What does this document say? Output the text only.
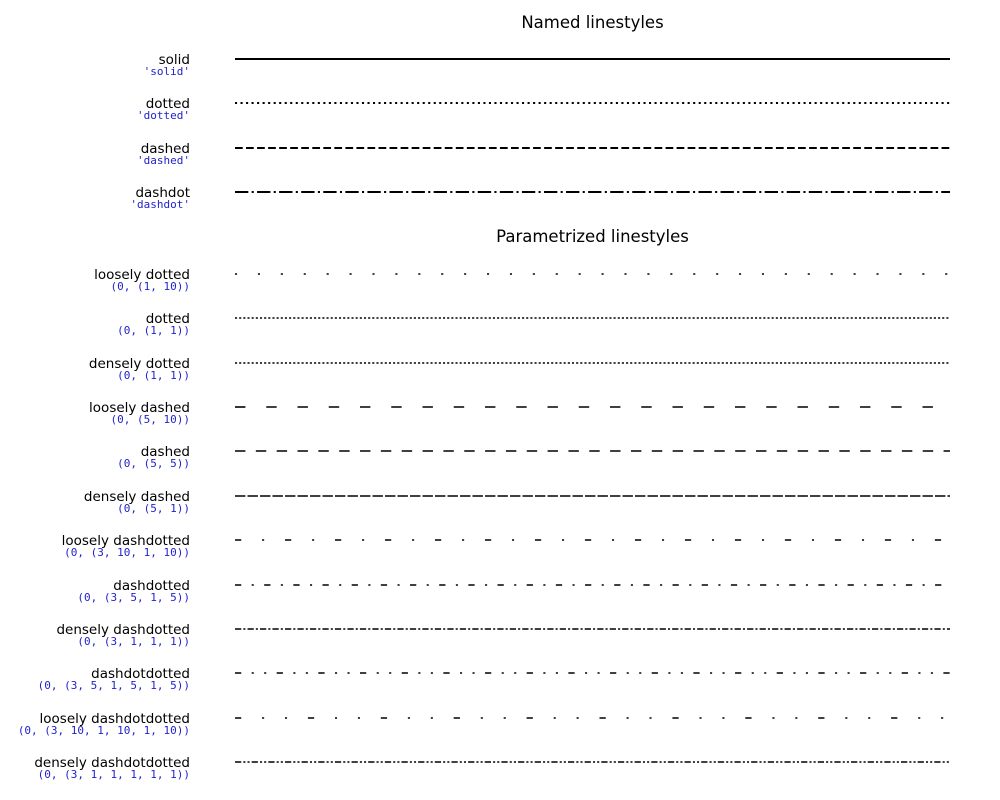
Named linestyles
Parametrized linestyles
solid
'solid'
dotted
'dotted'
dashed
'dashed'
dashdot
'dashdot'
loosely dotted
(0, (1, 10))
dotted
(0, (1, 1))
densely dotted
(0, (1, 1))
loosely dashed
(0, (5, 10))
dashed
(0, (5, 5))
densely dashed
(0, (5, 1))
loosely dashdotted
(0, (3, 10, 1, 10))
dashdotted
(0, (3, 5, 1, 5))
densely dashdotted
(0, (3, 1, 1, 1))
dashdotdotted
(0, (3, 5, 1, 5, 1, 5))
loosely dashdotdotted
(0, (3, 10, 1, 10, 1, 10))
densely dashdotdotted
(0, (3, 1, 1, 1, 1, 1))
